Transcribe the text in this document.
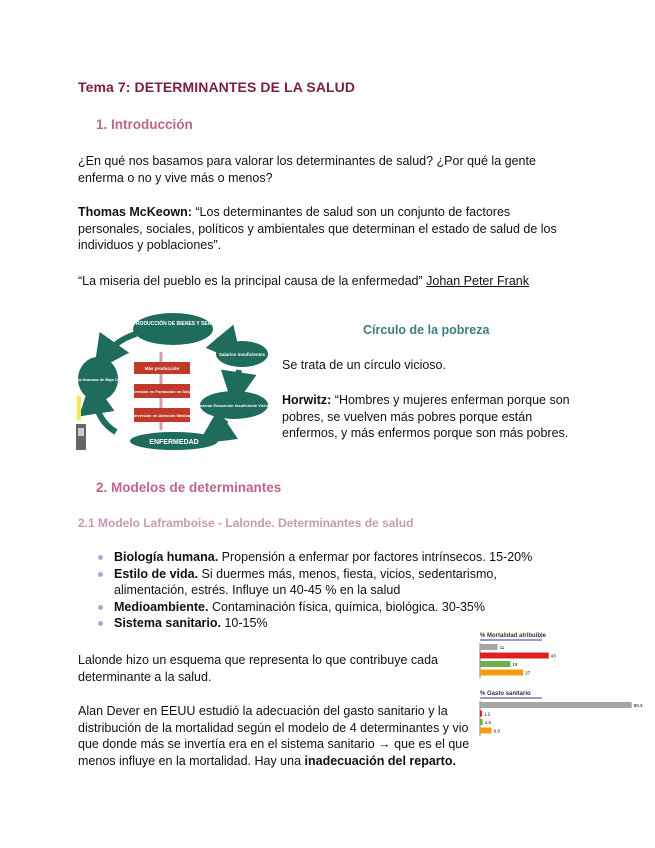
Tema 7: DETERMINANTES DE LA SALUD
1. Introducción
¿En qué nos basamos para valorar los determinantes de salud? ¿Por qué la gente enferma o no y vive más o menos?
Thomas McKeown: “Los determinantes de salud son un conjunto de factores personales, sociales, políticos y ambientales que determinan el estado de salud de los individuos y poblaciones”.
“La miseria del pueblo es la principal causa de la enfermedad” Johan Peter Frank
BAJA PRODUCCIÓN DE BIENES Y SERVICIOS
Salarios insuficientes
Nutrición Deficiente Educación Insuficiente Vivienda Insalubre
ENFERMEDAD
Energía Humana de Baja Calidad
Más producción
Inversión en Formación en Salud
Inversión en Atención Médica
Círculo de la pobreza
Se trata de un círculo vicioso.
Horwitz: “Hombres y mujeres enferman porque son pobres, se vuelven más pobres porque están enfermos, y más enfermos porque son más pobres.
2. Modelos de determinantes
2.1 Modelo Laframboise - Lalonde. Determinantes de salud
Biología humana. Propensión a enfermar por factores intrínsecos. 15-20%
Estilo de vida. Si duermes más, menos, fiesta, vicios, sedentarismo, alimentación, estrés. Influye un 40-45 % en la salud
Medioambiente. Contaminación física, química, biológica. 30-35%
Sistema sanitario. 10-15%
Lalonde hizo un esquema que representa lo que contribuye cada determinante a la salud.
Alan Dever en EEUU estudió la adecuación del gasto sanitario y la distribución de la mortalidad según el modelo de 4 determinantes y vio que donde más se invertía era en el sistema sanitario → que es el que menos influye en la mortalidad. Hay una inadecuación del reparto.
% Mortalidad atribuible
11
43
19
27
% Gasto sanitario
90.3
1.2
1.6
6.9
